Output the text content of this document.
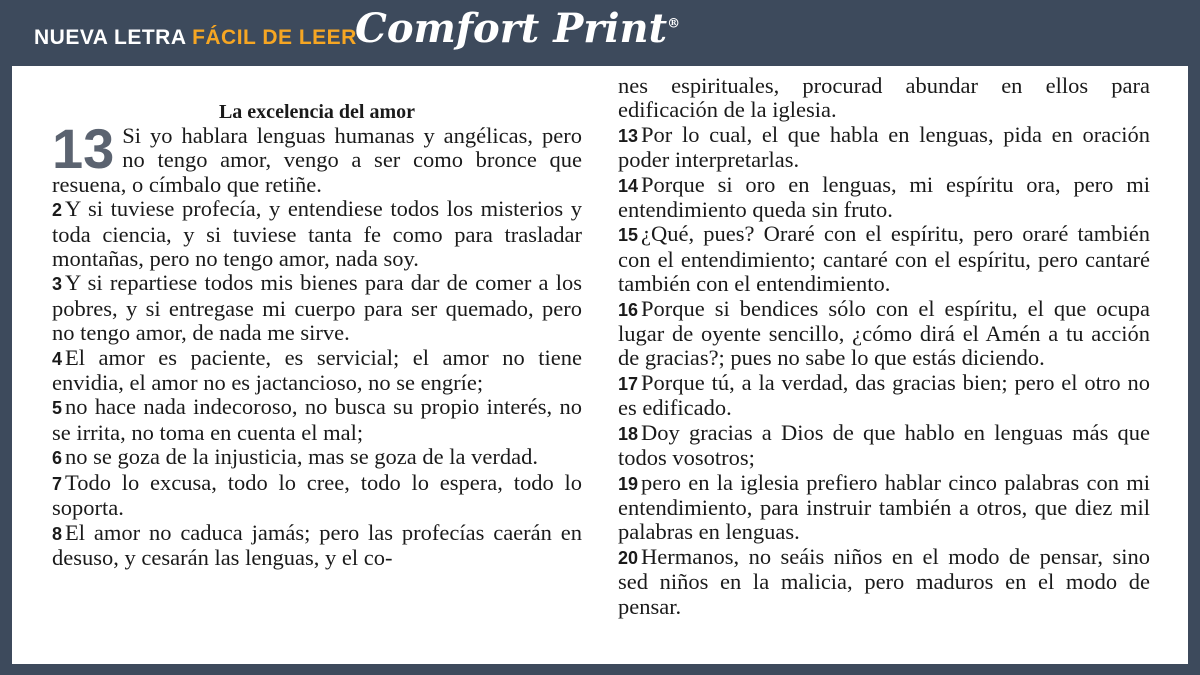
NUEVA LETRA FÁCIL DE LEER
Comfort Print®
La excelencia del amor

13 Si yo hablara lenguas humanas y angélicas, pero no tengo amor, vengo a ser como bronce que resuena, o címbalo que retiñe.

2 Y si tuviese profecía, y entendiese todos los misterios y toda ciencia, y si tuviese tanta fe como para trasladar montañas, pero no tengo amor, nada soy.

3 Y si repartiese todos mis bienes para dar de comer a los pobres, y si entregase mi cuerpo para ser quemado, pero no tengo amor, de nada me sirve.

4 El amor es paciente, es servicial; el amor no tiene envidia, el amor no es jactancioso, no se engríe;

5 no hace nada indecoroso, no busca su propio interés, no se irrita, no toma en cuenta el mal;

6 no se goza de la injusticia, mas se goza de la verdad.

7 Todo lo excusa, todo lo cree, todo lo espera, todo lo soporta.

8 El amor no caduca jamás; pero las profecías caerán en desuso, y cesarán las lenguas, y el co-

nes espirituales, procurad abundar en ellos para edificación de la iglesia.

13 Por lo cual, el que habla en lenguas, pida en oración poder interpretarlas.

14 Porque si oro en lenguas, mi espíritu ora, pero mi entendimiento queda sin fruto.

15 ¿Qué, pues? Oraré con el espíritu, pero oraré también con el entendimiento; cantaré con el espíritu, pero cantaré también con el entendimiento.

16 Porque si bendices sólo con el espíritu, el que ocupa lugar de oyente sencillo, ¿cómo dirá el Amén a tu acción de gracias?; pues no sabe lo que estás diciendo.

17 Porque tú, a la verdad, das gracias bien; pero el otro no es edificado.

18 Doy gracias a Dios de que hablo en lenguas más que todos vosotros;

19 pero en la iglesia prefiero hablar cinco palabras con mi entendimiento, para instruir también a otros, que diez mil palabras en lenguas.

20 Hermanos, no seáis niños en el modo de pensar, sino sed niños en la malicia, pero maduros en el modo de pensar.
